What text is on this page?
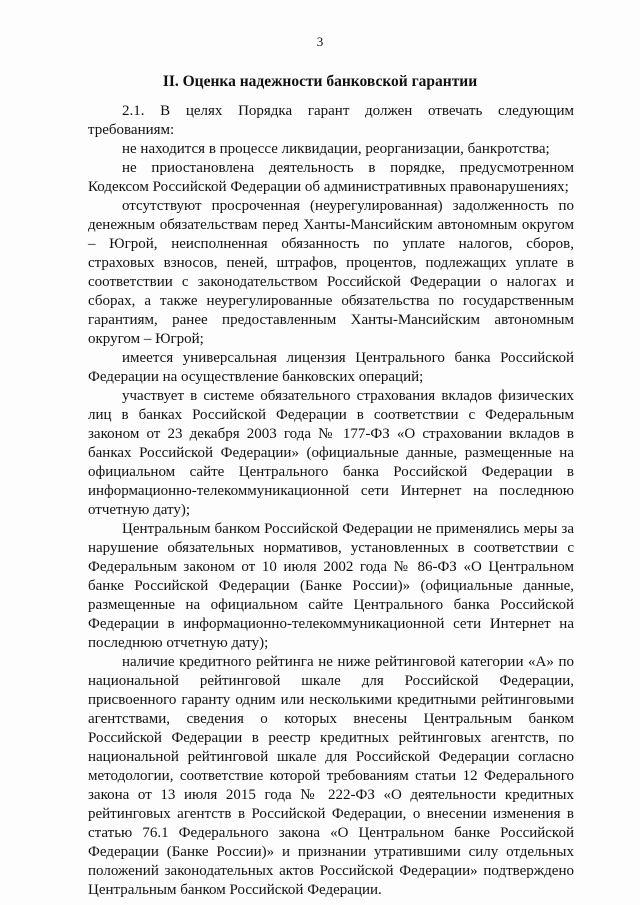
3
II. Оценка надежности банковской гарантии

2.1. В целях Порядка гарант должен отвечать следующим требованиям:

не находится в процессе ликвидации, реорганизации, банкротства;

не приостановлена деятельность в порядке, предусмотренном Кодексом Российской Федерации об административных правонарушениях;

отсутствуют просроченная (неурегулированная) задолженность по денежным обязательствам перед Ханты-Мансийским автономным округом – Югрой, неисполненная обязанность по уплате налогов, сборов, страховых взносов, пеней, штрафов, процентов, подлежащих уплате в соответствии с законодательством Российской Федерации о налогах и сборах, а также неурегулированные обязательства по государственным гарантиям, ранее предоставленным Ханты-Мансийским автономным округом – Югрой;

имеется универсальная лицензия Центрального банка Российской Федерации на осуществление банковских операций;

участвует в системе обязательного страхования вкладов физических лиц в банках Российской Федерации в соответствии с Федеральным законом от 23 декабря 2003 года № 177-ФЗ «О страховании вкладов в банках Российской Федерации» (официальные данные, размещенные на официальном сайте Центрального банка Российской Федерации в информационно-телекоммуникационной сети Интернет на последнюю отчетную дату);

Центральным банком Российской Федерации не применялись меры за нарушение обязательных нормативов, установленных в соответствии с Федеральным законом от 10 июля 2002 года № 86-ФЗ «О Центральном банке Российской Федерации (Банке России)» (официальные данные, размещенные на официальном сайте Центрального банка Российской Федерации в информационно-телекоммуникационной сети Интернет на последнюю отчетную дату);

наличие кредитного рейтинга не ниже рейтинговой категории «A» по национальной рейтинговой шкале для Российской Федерации, присвоенного гаранту одним или несколькими кредитными рейтинговыми агентствами, сведения о которых внесены Центральным банком Российской Федерации в реестр кредитных рейтинговых агентств, по национальной рейтинговой шкале для Российской Федерации согласно методологии, соответствие которой требованиям статьи 12 Федерального закона от 13 июля 2015 года № 222-ФЗ «О деятельности кредитных рейтинговых агентств в Российской Федерации, о внесении изменения в статью 76.1 Федерального закона «О Центральном банке Российской Федерации (Банке России)» и признании утратившими силу отдельных положений законодательных актов Российской Федерации» подтверждено Центральным банком Российской Федерации.
